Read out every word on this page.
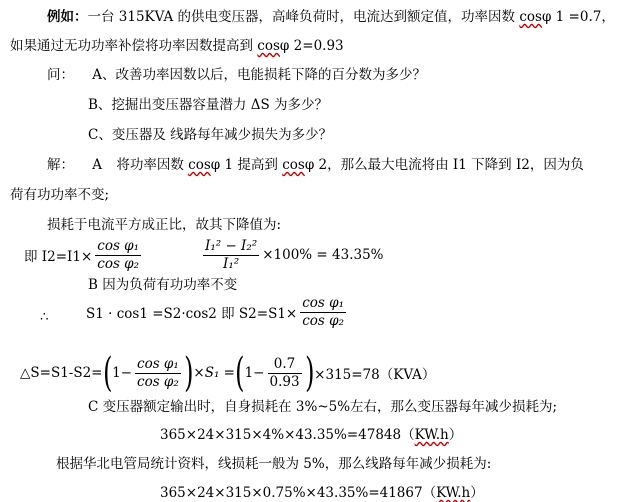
例如：一台 315KVA 的供电变压器，高峰负荷时，电流达到额定值，功率因数 cosφ 1 =0.7，
如果通过无功功率补偿将功率因数提高到 cosφ 2=0.93
问： A、改善功率因数以后，电能损耗下降的百分数为多少？
B、挖掘出变压器容量潜力 ΔS 为多少？
C、变压器及 线路每年减少损失为多少？
解： A 将功率因数 cosφ 1 提高到 cosφ 2，那么最大电流将由 I1 下降到 I2，因为负
荷有功功率不变;
损耗于电流平方成正比，故其下降值为:
即 $I2=I1\times \frac{\text{cos φ₁}}{\text{cos φ₂}}$	$\frac{\text{I₁² − I₂²}}{\text{I₁²}} \times 100\% = 43.35\%$
B 因为负荷有功功率不变
∴	S1 · cos1 =S2·cos2 即 $S2=S1\times \frac{\text{cos φ₁}}{\text{cos φ₂}}$
△S=S1-S2= ( $1- \frac{\text{cos φ₁}}{\text{cos φ₂}}$ ) ×S₁ = ( $1- \frac{0.7}{0.93}$ ) ×315=78（KVA）
C 变压器额定输出时，自身损耗在 3%~5%左右，那么变压器每年减少损耗为;
365×24×315×4%×43.35%=47848（KW.h）
根据华北电管局统计资料，线损耗一般为 5%，那么线路每年减少损耗为:
365×24×315×0.75%×43.35%=41867（KW.h）
